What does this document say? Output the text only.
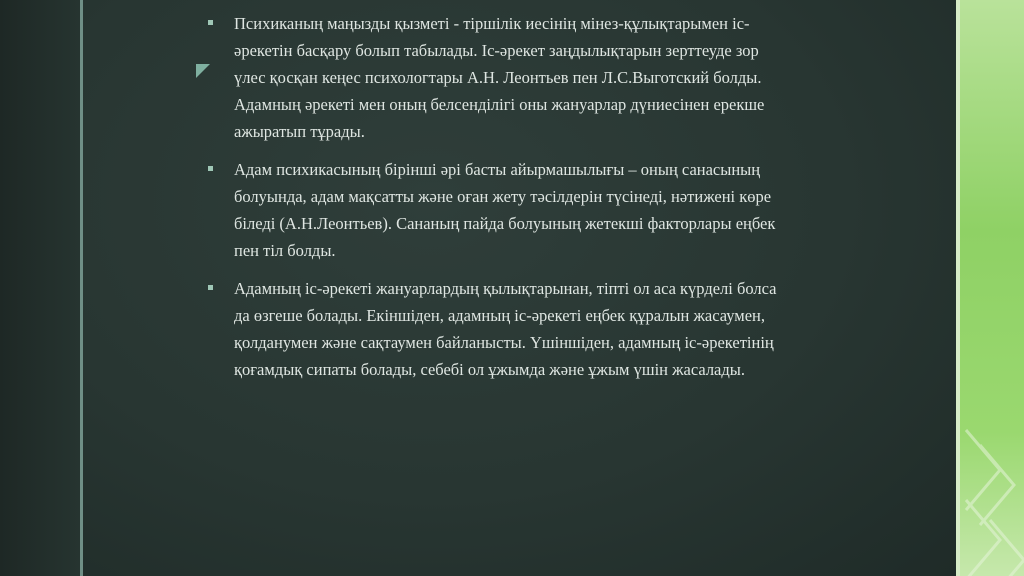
Психиканың маңызды қызметі - тіршілік иесінің мінез-құлықтарымен іс-
әрекетін басқару болып табылады. Іс-әрекет заңдылықтарын зерттеуде зор
үлес қосқан кеңес психологтары А.Н. Леонтьев пен Л.С.Выготский болды.
Адамның әрекеті мен оның белсенділігі оны жануарлар дүниесінен ерекше
ажыратып тұрады.
Адам психикасының бірінші әрі басты айырмашылығы – оның санасының
болуында, адам мақсатты және оған жету тәсілдерін түсінеді, нәтижені көре
біледі (А.Н.Леонтьев). Сананың пайда болуының жетекші факторлары еңбек
пен тіл болды.
Адамның іс-әрекеті жануарлардың қылықтарынан, тіпті ол аса күрделі болса
да өзгеше болады. Екіншіден, адамның іс-әрекеті еңбек құралын жасаумен,
қолданумен және сақтаумен байланысты. Үшіншіден, адамның іс-әрекетінің
қоғамдық сипаты болады, себебі ол ұжымда және ұжым үшін жасалады.
